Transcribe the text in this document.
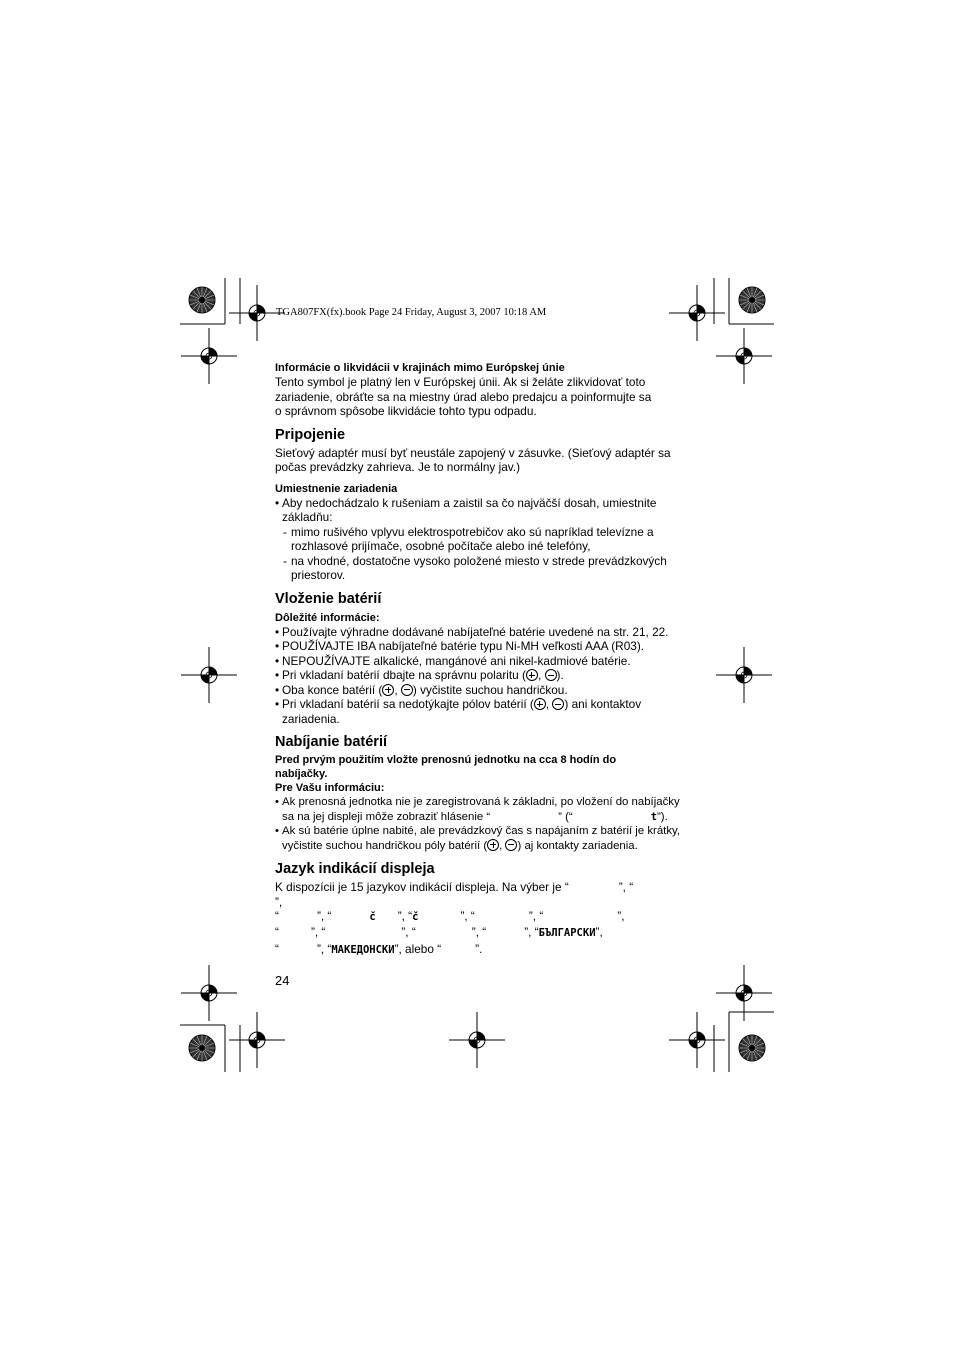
TGA807FX(fx).book Page 24 Friday, August 3, 2007 10:18 AM

Informácie o likvidácii v krajinách mimo Európskej únie

Tento symbol je platný len v Európskej únii. Ak si želáte zlikvidovať toto

zariadenie, obráťte sa na miestny úrad alebo predajcu a poinformujte sa

o správnom spôsobe likvidácie tohto typu odpadu.

Pripojenie

Sieťový adaptér musí byť neustále zapojený v zásuvke. (Sieťový adaptér sa

počas prevádzky zahrieva. Je to normálny jav.)

Umiestnenie zariadenia

• Aby nedochádzalo k rušeniam a zaistil sa čo najväčší dosah, umiestnite
základňu:
- mimo rušivého vplyvu elektrospotrebičov ako sú napríklad televízne a
rozhlasové prijímače, osobné počítače alebo iné telefóny,
- na vhodné, dostatočne vysoko položené miesto v strede prevádzkových
priestorov.

Vloženie batérií

Dôležité informácie:

• Používajte výhradne dodávané nabíjateľné batérie uvedené na str. 21, 22.
• POUŽÍVAJTE IBA nabíjateľné batérie typu Ni-MH veľkosti AAA (R03).
• NEPOUŽÍVAJTE alkalické, mangánové ani nikel-kadmiové batérie.
• Pri vkladaní batérií dbajte na správnu polaritu ( , ).
• Oba konce batérií ( , ) vyčistite suchou handričkou.
• Pri vkladaní batérií sa nedotýkajte pólov batérií ( , ) ani kontaktov
zariadenia.

Nabíjanie batérií

Pred prvým použitím vložte prenosnú jednotku na cca 8 hodín do
nabíjačky.

Pre Vašu informáciu:

• Ak prenosná jednotka nie je zaregistrovaná k základni, po vložení do nabíjačky
sa na jej displeji môže zobraziť hlásenie “	” (“	t”).
• Ak sú batérie úplne nabité, ale prevádzkový čas s napájaním z batérií je krátky,
vyčistite suchou handričkou póly batérií ( , ) aj kontakty zariadenia.

Jazyk indikácií displeja

K dispozícii je 15 jazykov indikácií displeja. Na výber je “	”, “”,

“	”, “	č ”, “č	”, “	”, “	”,

“	”, “	”, “	”, “	”, “БЪЛГАРСКИ”,

“	”, “МАКЕДОНСКИ”, alebo “	”.

24
